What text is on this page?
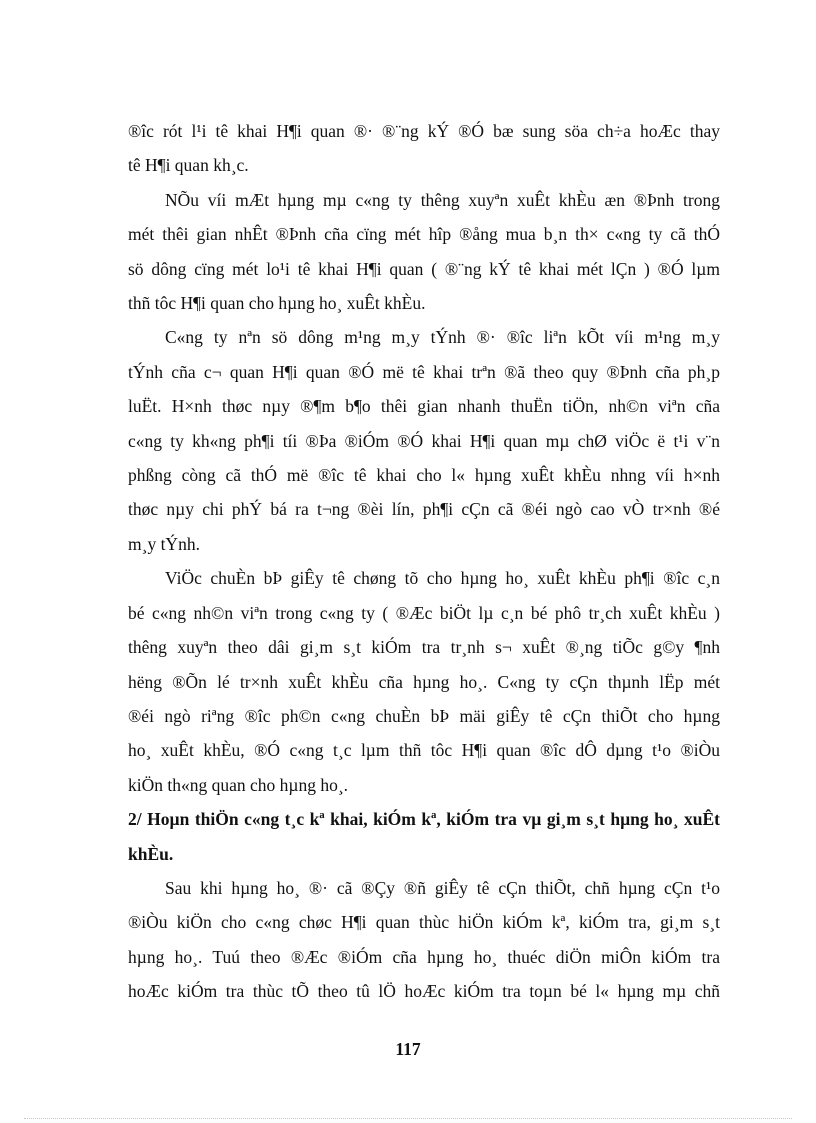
®îc rót l¹i tê khai H¶i quan ®· ®¨ng kÝ ®Ó bæ sung söa ch÷a hoÆc thay
tê H¶i quan kh¸c.

NÕu víi mÆt hµng mµ c«ng ty thêng xuyªn xuÊt khÈu æn ®Þnh trong
mét thêi gian nhÊt ®Þnh cña cïng mét hîp ®ång mua b¸n th× c«ng ty cã thÓ
sö dông cïng mét lo¹i tê khai H¶i quan ( ®¨ng kÝ tê khai mét lÇn ) ®Ó lµm
thñ tôc H¶i quan cho hµng ho¸ xuÊt khÈu.

C«ng ty nªn sö dông m¹ng m¸y tÝnh ®· ®îc liªn kÕt víi m¹ng m¸y
tÝnh cña c¬ quan H¶i quan ®Ó më tê khai trªn ®ã theo quy ®Þnh cña ph¸p
luËt. H×nh thøc nµy ®¶m b¶o thêi gian nhanh thuËn tiÖn, nh©n viªn cña
c«ng ty kh«ng ph¶i tíi ®Þa ®iÓm ®Ó khai H¶i quan mµ chØ viÖc ë t¹i v¨n
phßng còng cã thÓ më ®îc tê khai cho l« hµng xuÊt khÈu nhng víi h×nh
thøc nµy chi phÝ bá ra t¬ng ®èi lín, ph¶i cÇn cã ®éi ngò cao vÒ tr×nh ®é
m¸y tÝnh.

ViÖc chuÈn bÞ giÊy tê chøng tõ cho hµng ho¸ xuÊt khÈu ph¶i ®îc c¸n
bé c«ng nh©n viªn trong c«ng ty ( ®Æc biÖt lµ c¸n bé phô tr¸ch xuÊt khÈu )
thêng xuyªn theo dâi gi¸m s¸t kiÓm tra tr¸nh s¬ xuÊt ®¸ng tiÕc g©y ¶nh
hëng ®Õn lé tr×nh xuÊt khÈu cña hµng ho¸. C«ng ty cÇn thµnh lËp mét
®éi ngò riªng ®îc ph©n c«ng chuÈn bÞ mäi giÊy tê cÇn thiÕt cho hµng
ho¸ xuÊt khÈu, ®Ó c«ng t¸c lµm thñ tôc H¶i quan ®îc dÔ dµng t¹o ®iÒu
kiÖn th«ng quan cho hµng ho¸.

2/ Hoµn thiÖn c«ng t¸c kª khai, kiÓm kª, kiÓm tra vµ gi¸m s¸t hµng ho¸ xuÊt
khÈu.

Sau khi hµng ho¸ ®· cã ®Çy ®ñ giÊy tê cÇn thiÕt, chñ hµng cÇn t¹o
®iÒu kiÖn cho c«ng chøc H¶i quan thùc hiÖn kiÓm kª, kiÓm tra, gi¸m s¸t
hµng ho¸. Tuú theo ®Æc ®iÓm cña hµng ho¸ thuéc diÖn miÔn kiÓm tra
hoÆc kiÓm tra thùc tÕ theo tû lÖ hoÆc kiÓm tra toµn bé l« hµng mµ chñ

117
